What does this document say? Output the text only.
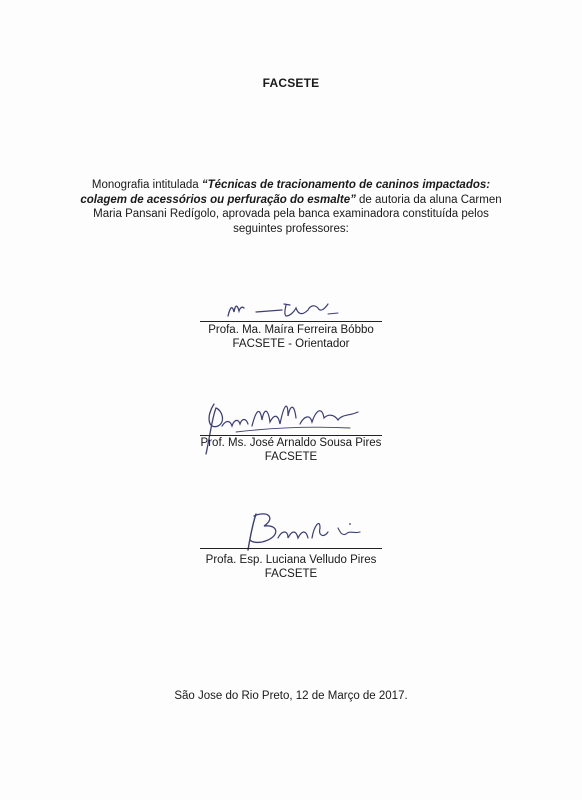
FACSETE
Monografia intitulada “Técnicas de tracionamento de caninos impactados: colagem de acessórios ou perfuração do esmalte” de autoria da aluna Carmen Maria Pansani Redígolo, aprovada pela banca examinadora constituída pelos seguintes professores:
Profa. Ma. Maíra Ferreira Bóbbo
FACSETE - Orientador
Prof. Ms. José Arnaldo Sousa Pires
FACSETE
Profa. Esp. Luciana Velludo Pires
FACSETE
São Jose do Rio Preto, 12 de Março de 2017.
